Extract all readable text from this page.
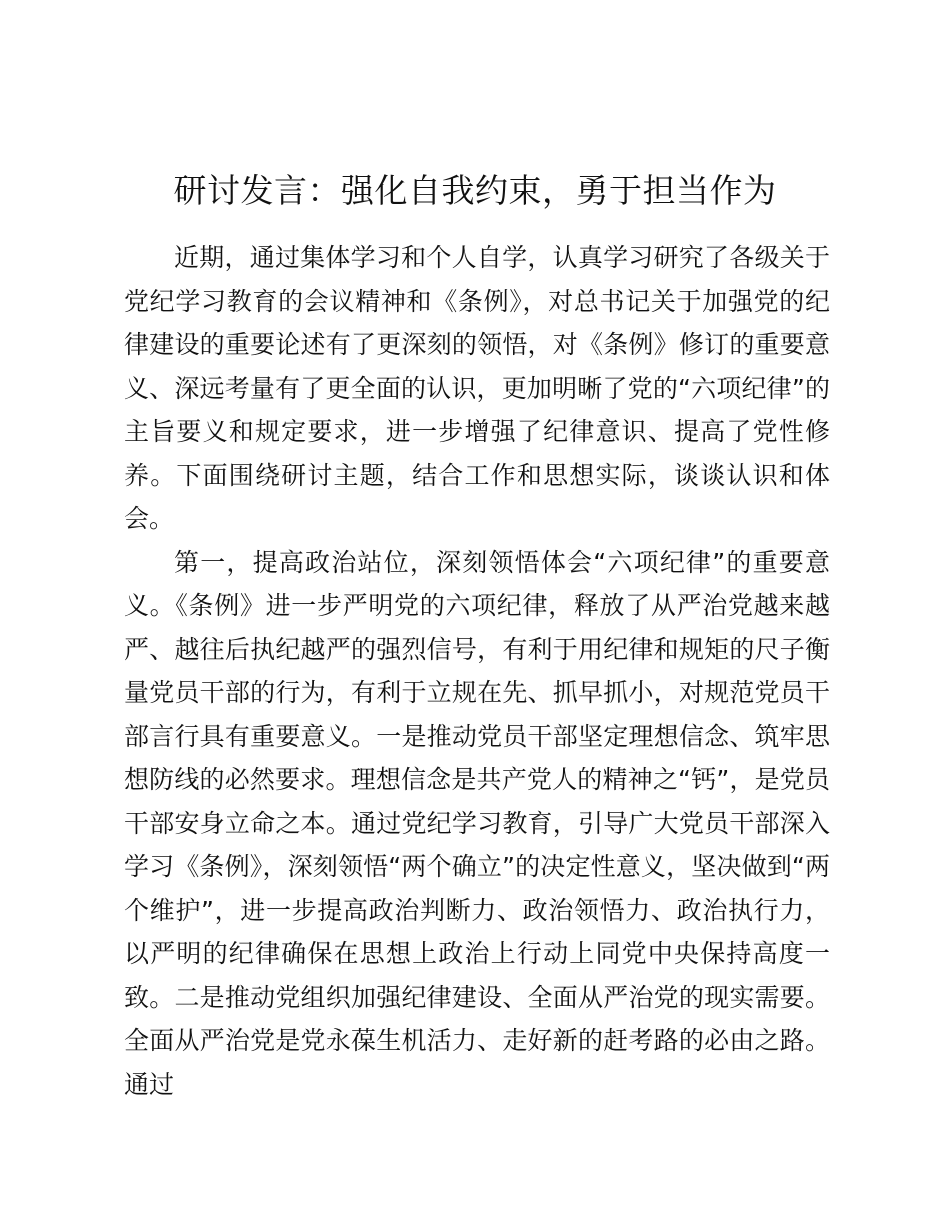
研讨发言：强化自我约束，勇于担当作为

近期，通过集体学习和个人自学，认真学习研究了各级关于党纪学习教育的会议精神和《条例》，对总书记关于加强党的纪律建设的重要论述有了更深刻的领悟，对《条例》修订的重要意义、深远考量有了更全面的认识，更加明晰了党的“六项纪律”的主旨要义和规定要求，进一步增强了纪律意识、提高了党性修养。下面围绕研讨主题，结合工作和思想实际，谈谈认识和体会。

第一，提高政治站位，深刻领悟体会“六项纪律”的重要意义。《条例》进一步严明党的六项纪律，释放了从严治党越来越严、越往后执纪越严的强烈信号，有利于用纪律和规矩的尺子衡量党员干部的行为，有利于立规在先、抓早抓小，对规范党员干部言行具有重要意义。一是推动党员干部坚定理想信念、筑牢思想防线的必然要求。理想信念是共产党人的精神之“钙”，是党员干部安身立命之本。通过党纪学习教育，引导广大党员干部深入学习《条例》，深刻领悟“两个确立”的决定性意义，坚决做到“两个维护”，进一步提高政治判断力、政治领悟力、政治执行力，以严明的纪律确保在思想上政治上行动上同党中央保持高度一致。二是推动党组织加强纪律建设、全面从严治党的现实需要。全面从严治党是党永葆生机活力、走好新的赶考路的必由之路。通过
